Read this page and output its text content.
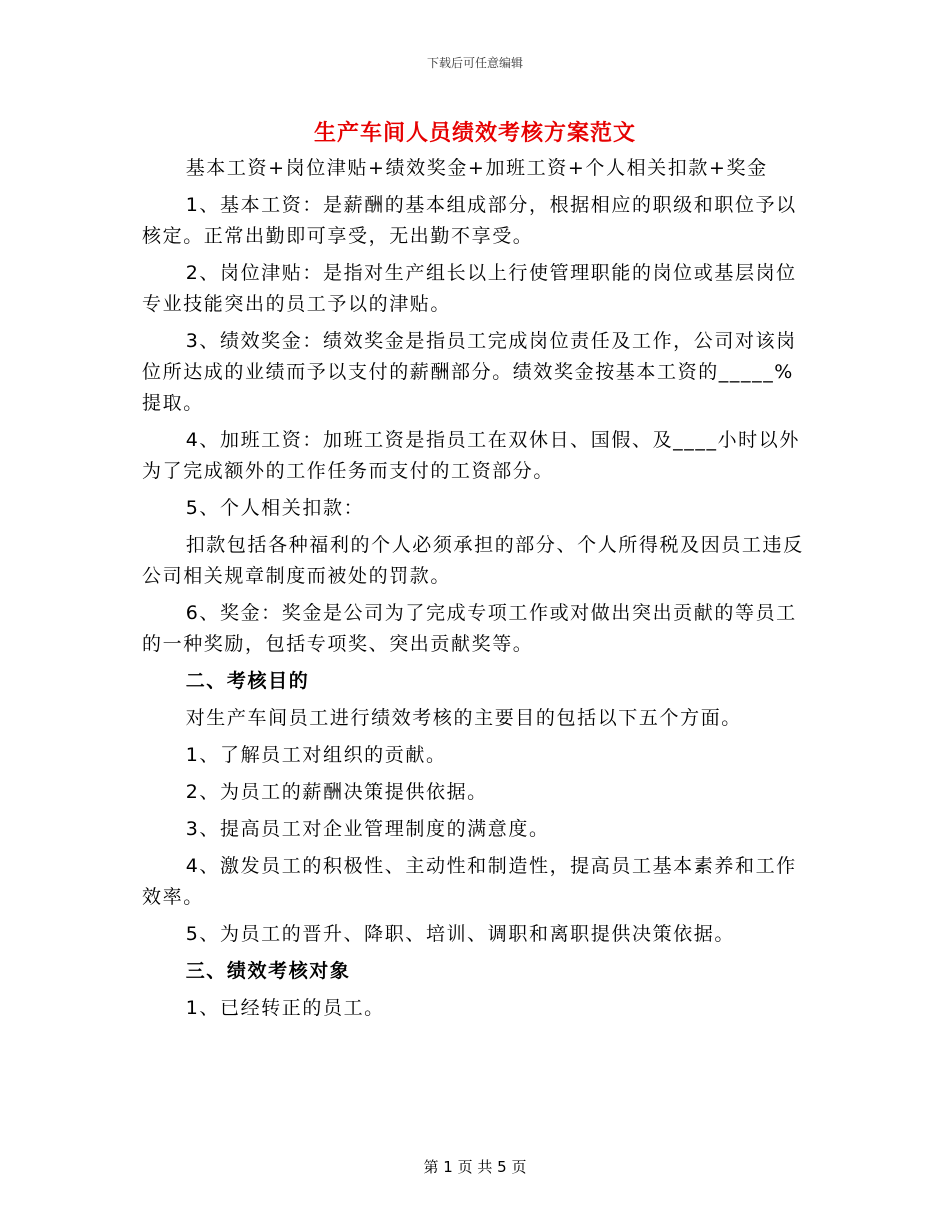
下载后可任意编辑
生产车间人员绩效考核方案范文

基本工资+岗位津贴+绩效奖金+加班工资+个人相关扣款+奖金

1、基本工资：是薪酬的基本组成部分，根据相应的职级和职位予以核定。正常出勤即可享受，无出勤不享受。

2、岗位津贴：是指对生产组长以上行使管理职能的岗位或基层岗位专业技能突出的员工予以的津贴。

3、绩效奖金：绩效奖金是指员工完成岗位责任及工作，公司对该岗位所达成的业绩而予以支付的薪酬部分。绩效奖金按基本工资的_____%提取。

4、加班工资：加班工资是指员工在双休日、国假、及____小时以外为了完成额外的工作任务而支付的工资部分。

5、个人相关扣款：

扣款包括各种福利的个人必须承担的部分、个人所得税及因员工违反公司相关规章制度而被处的罚款。

6、奖金：奖金是公司为了完成专项工作或对做出突出贡献的等员工的一种奖励，包括专项奖、突出贡献奖等。

二、考核目的

对生产车间员工进行绩效考核的主要目的包括以下五个方面。

1、了解员工对组织的贡献。

2、为员工的薪酬决策提供依据。

3、提高员工对企业管理制度的满意度。

4、激发员工的积极性、主动性和制造性，提高员工基本素养和工作效率。

5、为员工的晋升、降职、培训、调职和离职提供决策依据。

三、绩效考核对象

1、已经转正的员工。

第 1 页 共 5 页
